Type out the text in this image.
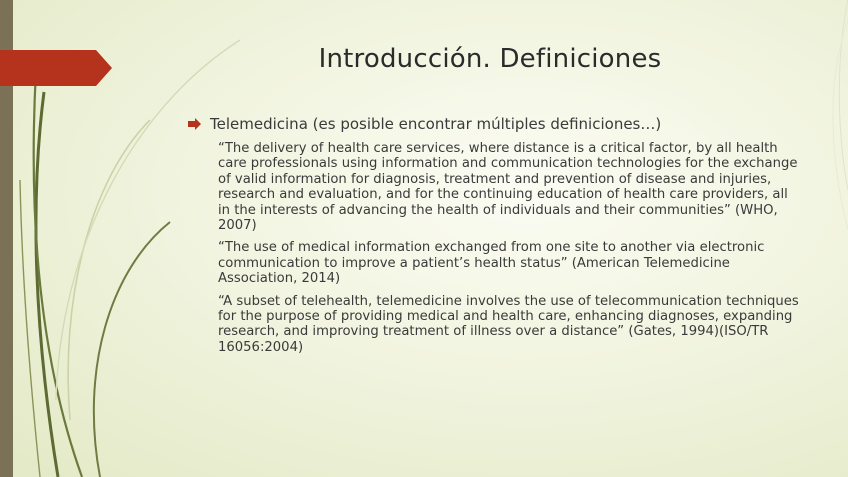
Introducción. Definiciones
Telemedicina (es posible encontrar múltiples definiciones…)

“The delivery of health care services, where distance is a critical factor, by all health care professionals using information and communication technologies for the exchange of valid information for diagnosis, treatment and prevention of disease and injuries, research and evaluation, and for the continuing education of health care providers, all in the interests of advancing the health of individuals and their communities” (WHO, 2007)

“The use of medical information exchanged from one site to another via electronic communication to improve a patient’s health status” (American Telemedicine Association, 2014)

“A subset of telehealth, telemedicine involves the use of telecommunication techniques for the purpose of providing medical and health care, enhancing diagnoses, expanding research, and improving treatment of illness over a distance” (Gates, 1994)(ISO/TR 16056:2004)
